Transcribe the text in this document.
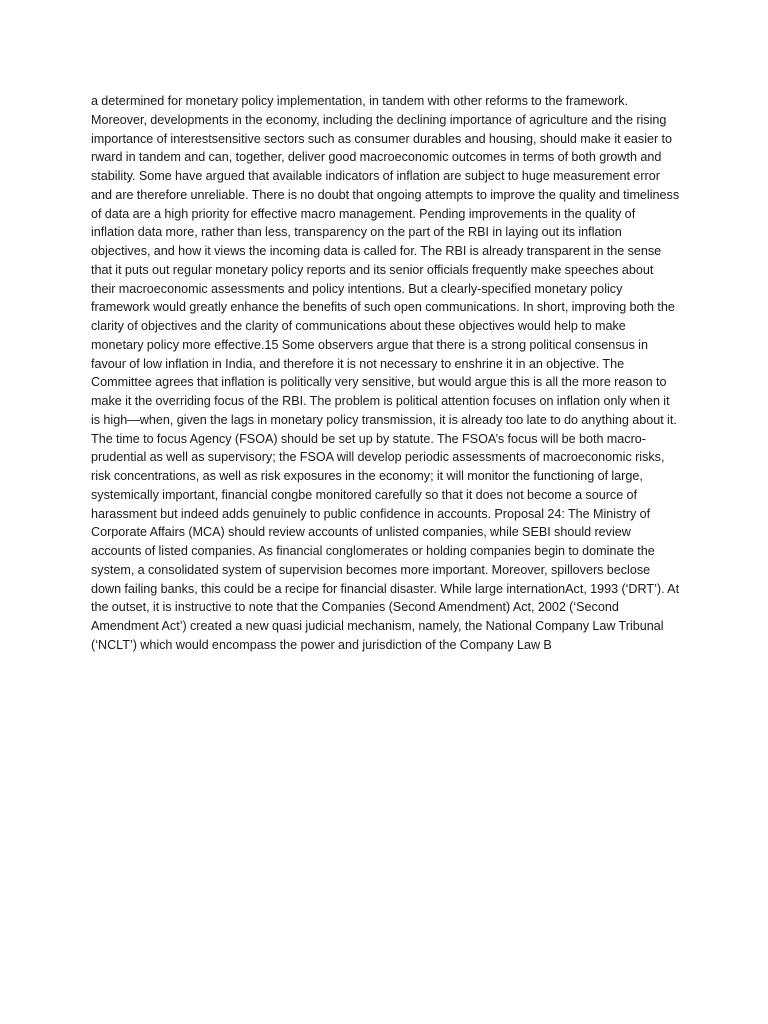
a determined for monetary policy implementation, in tandem with other reforms to the framework. Moreover, developments in the economy, including the declining importance of agriculture and the rising importance of interestsensitive sectors such as consumer durables and housing, should make it easier to rward in tandem and can, together, deliver good macroeconomic outcomes in terms of both growth and stability. Some have argued that available indicators of inflation are subject to huge measurement error and are therefore unreliable. There is no doubt that ongoing attempts to improve the quality and timeliness of data are a high priority for effective macro management. Pending improvements in the quality of inflation data more, rather than less, transparency on the part of the RBI in laying out its inflation objectives, and how it views the incoming data is called for. The RBI is already transparent in the sense that it puts out regular monetary policy reports and its senior officials frequently make speeches about their macroeconomic assessments and policy intentions. But a clearly-specified monetary policy framework would greatly enhance the benefits of such open communications. In short, improving both the clarity of objectives and the clarity of communications about these objectives would help to make monetary policy more effective.15 Some observers argue that there is a strong political consensus in favour of low inflation in India, and therefore it is not necessary to enshrine it in an objective. The Committee agrees that inflation is politically very sensitive, but would argue this is all the more reason to make it the overriding focus of the RBI. The problem is political attention focuses on inflation only when it is high—when, given the lags in monetary policy transmission, it is already too late to do anything about it. The time to focus Agency (FSOA) should be set up by statute. The FSOA’s focus will be both macro-prudential as well as supervisory; the FSOA will develop periodic assessments of macroeconomic risks, risk concentrations, as well as risk exposures in the economy; it will monitor the functioning of large, systemically important, financial congbe monitored carefully so that it does not become a source of harassment but indeed adds genuinely to public confidence in accounts. Proposal 24: The Ministry of Corporate Affairs (MCA) should review accounts of unlisted companies, while SEBI should review accounts of listed companies. As financial conglomerates or holding companies begin to dominate the system, a consolidated system of supervision becomes more important. Moreover, spillovers beclose down failing banks, this could be a recipe for financial disaster. While large internationAct, 1993 (‘DRT’). At the outset, it is instructive to note that the Companies (Second Amendment) Act, 2002 (‘Second Amendment Act’) created a new quasi judicial mechanism, namely, the National Company Law Tribunal (‘NCLT’) which would encompass the power and jurisdiction of the Company Law B
